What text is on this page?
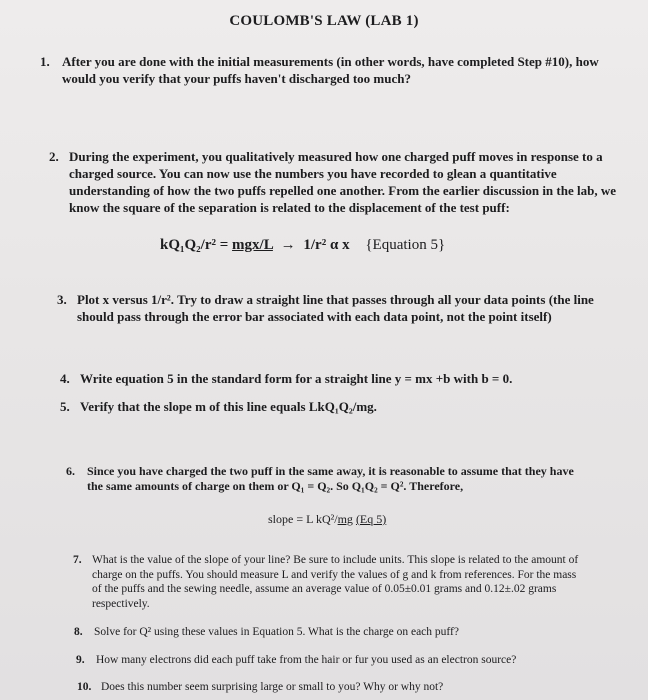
COULOMB'S LAW (LAB 1)
1. After you are done with the initial measurements (in other words, have completed Step #10), how would you verify that your puffs haven't discharged too much?
2. During the experiment, you qualitatively measured how one charged puff moves in response to a charged source. You can now use the numbers you have recorded to glean a quantitative understanding of how the two puffs repelled one another. From the earlier discussion in the lab, we know the square of the separation is related to the displacement of the test puff:
kQ₁Q₂/r² = mgx/L → 1/r² α x {Equation 5}
3. Plot x versus 1/r². Try to draw a straight line that passes through all your data points (the line should pass through the error bar associated with each data point, not the point itself)
4. Write equation 5 in the standard form for a straight line y = mx +b with b = 0.
5. Verify that the slope m of this line equals LkQ₁Q₂/mg.
6. Since you have charged the two puff in the same away, it is reasonable to assume that they have the same amounts of charge on them or Q₁ = Q₂. So Q₁Q₂ = Q². Therefore,
slope = L kQ²/mg (Eq 5)
7. What is the value of the slope of your line? Be sure to include units. This slope is related to the amount of charge on the puffs. You should measure L and verify the values of g and k from references. For the mass of the puffs and the sewing needle, assume an average value of 0.05±0.01 grams and 0.12±.02 grams respectively.
8. Solve for Q² using these values in Equation 5. What is the charge on each puff?
9. How many electrons did each puff take from the hair or fur you used as an electron source?
10. Does this number seem surprising large or small to you? Why or why not?
